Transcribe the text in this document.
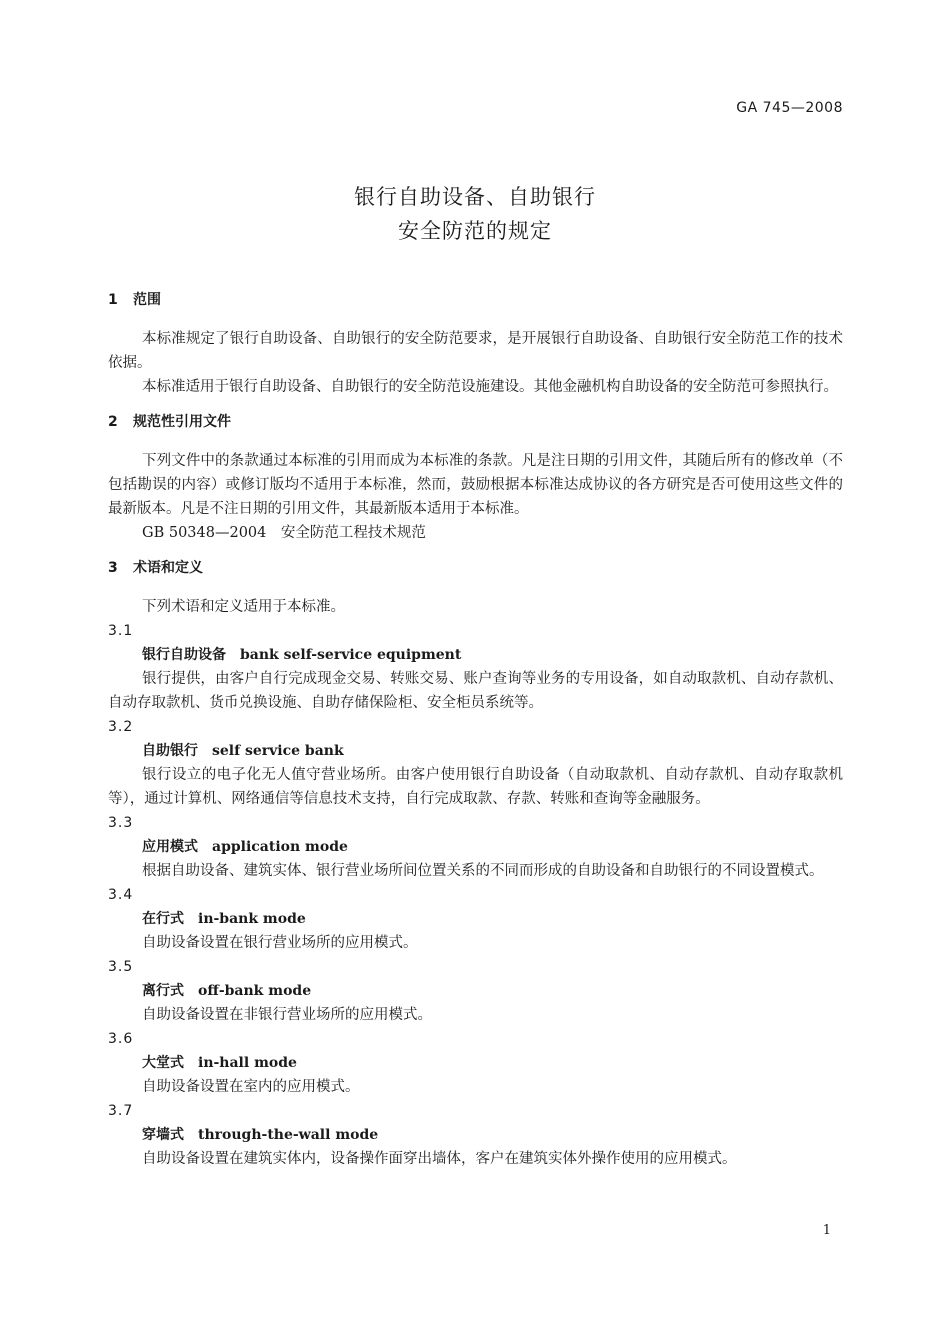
GA 745—2008
银行自助设备、自助银行
安全防范的规定
1 范围
本标准规定了银行自助设备、自助银行的安全防范要求，是开展银行自助设备、自助银行安全防范工作的技术依据。
本标准适用于银行自助设备、自助银行的安全防范设施建设。其他金融机构自助设备的安全防范可参照执行。
2 规范性引用文件
下列文件中的条款通过本标准的引用而成为本标准的条款。凡是注日期的引用文件，其随后所有的修改单（不包括勘误的内容）或修订版均不适用于本标准，然而，鼓励根据本标准达成协议的各方研究是否可使用这些文件的最新版本。凡是不注日期的引用文件，其最新版本适用于本标准。
GB 50348—2004　安全防范工程技术规范
3 术语和定义
下列术语和定义适用于本标准。
3.1
银行自助设备 bank self-service equipment
银行提供，由客户自行完成现金交易、转账交易、账户查询等业务的专用设备，如自动取款机、自动存款机、自动存取款机、货币兑换设施、自助存储保险柜、安全柜员系统等。
3.2
自助银行 self service bank
银行设立的电子化无人值守营业场所。由客户使用银行自助设备（自动取款机、自动存款机、自动存取款机等），通过计算机、网络通信等信息技术支持，自行完成取款、存款、转账和查询等金融服务。
3.3
应用模式 application mode
根据自助设备、建筑实体、银行营业场所间位置关系的不同而形成的自助设备和自助银行的不同设置模式。
3.4
在行式 in-bank mode
自助设备设置在银行营业场所的应用模式。
3.5
离行式 off-bank mode
自助设备设置在非银行营业场所的应用模式。
3.6
大堂式 in-hall mode
自助设备设置在室内的应用模式。
3.7
穿墙式 through-the-wall mode
自助设备设置在建筑实体内，设备操作面穿出墙体，客户在建筑实体外操作使用的应用模式。
1
